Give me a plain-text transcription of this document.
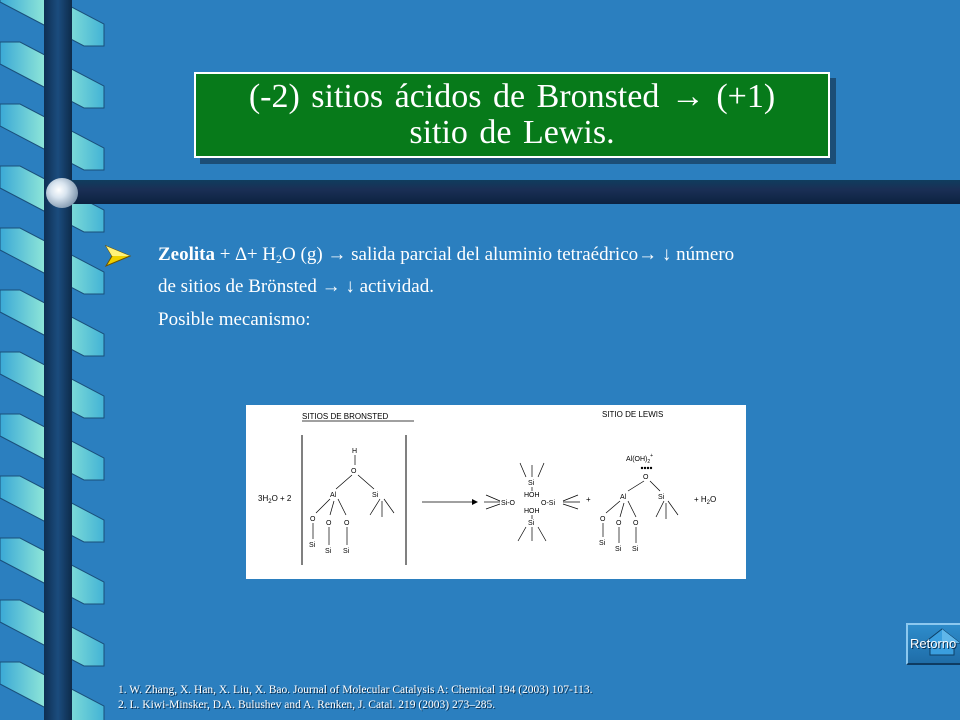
(-2) sitios ácidos de Bronsted → (+1) sitio de Lewis.
Zeolita + ∆+ $H_2O$ (g) → salida parcial del aluminio tetraédrico→ ↓ número
de sitios de Brönsted → ↓ actividad.
Posible mecanismo:
SITIOS DE BRONSTED	SITIO DE LEWIS
$3H_2O + 2$
H
O
Al	Si
O
O O
Si
Si Si
Si
HOH
Si-O	O-Si
HOH
Si
+
$Al(OH)_2^+$
O
Al	Si
O
O O
Si
Si Si
+ $H_2O$
Retorno
1. W. Zhang, X. Han, X. Liu, X. Bao. Journal of Molecular Catalysis A: Chemical 194 (2003) 107-113.
2. L. Kiwi-Minsker, D.A. Bulushev and A. Renken, J. Catal. 219 (2003) 273–285.
